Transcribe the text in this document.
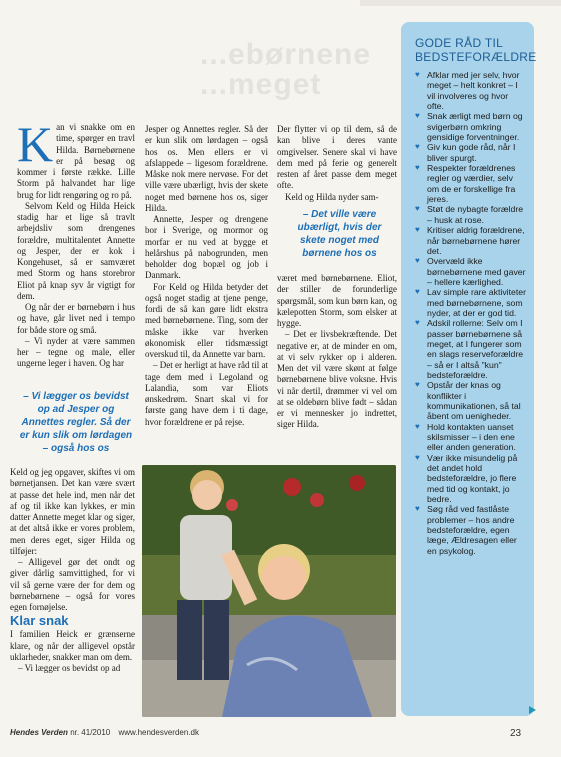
...ebørnene ...meget

Kan vi snakke om en time, spørger en travl Hilda. Børnebørnene er på besøg og kommer i første række. Lille Storm på halvandet har lige brug for lidt rengøring og ro på.

Selvom Keld og Hilda Heick stadig har et lige så travlt arbejdsliv som drengenes forældre, multitalentet Annette og Jesper, der er kok i Kongehuset, så er samværet med Storm og hans storebror Eliot på knap syv år vigtigt for dem.

Og når der er børnebørn i hus og have, går livet ned i tempo for både store og små.

– Vi nyder at være sammen her – tegne og male, eller ungerne leger i haven. Og har

– Vi lægger os bevidst op ad Jesper og Annettes regler. Så der er kun slik om lørdagen – også hos os

Keld og jeg opgaver, skiftes vi om børnetjansen. Det kan være svært at passe det hele ind, men når det af og til ikke kan lykkes, er min datter Annette meget klar og siger, at det altså ikke er vores problem, men deres eget, siger Hilda og tilføjer:

– Alligevel gør det ondt og giver dårlig samvittighed, for vi vil så gerne være der for dem og børnebørnene – også for vores egen fornøjelse.

Klar snak

I familien Heick er grænserne klare, og når der alligevel opstår uklarheder, snakker man om dem.

– Vi lægger os bevidst op ad

Jesper og Annettes regler. Så der er kun slik om lørdagen – også hos os. Men ellers er vi afslappede – ligesom forældrene. Måske nok mere nervøse. For det ville være ubærligt, hvis der skete noget med børnene hos os, siger Hilda.

Annette, Jesper og drengene bor i Sverige, og mormor og morfar er nu ved at bygge et helårshus på nabogrunden, men beholder dog bopæl og job i Danmark.

For Keld og Hilda betyder det også noget stadig at tjene penge, fordi de så kan gøre lidt ekstra med børnebørnene. Ting, som der måske ikke var hverken økonomisk eller tidsmæssigt overskud til, da Annette var barn.

– Det er herligt at have råd til at tage dem med i Legoland og Lalandia, som var Eliots ønskedrøm. Snart skal vi for første gang have dem i ti dage, hvor forældrene er på rejse.

Der flytter vi op til dem, så de kan blive i deres vante omgivelser. Senere skal vi have dem med på ferie og generelt resten af året passe dem meget ofte.

Keld og Hilda nyder sam-

– Det ville være ubærligt, hvis der skete noget med børnene hos os

været med børnebørnene. Eliot, der stiller de forunderlige spørgsmål, som kun børn kan, og kælepotten Storm, som elsker at hygge.

– Det er livsbekræftende. Det negative er, at de minder en om, at vi selv rykker op i alderen. Men det vil være skønt at følge børnebørnene blive voksne. Hvis vi når dertil, drømmer vi vel om at se oldebørn blive født – sådan er vi mennesker jo indrettet, siger Hilda.

GODE RÅD TIL
BEDSTEFORÆLDRE
♥ Afklar med jer selv, hvor meget – helt konkret – I vil involveres og hvor ofte.
♥ Snak ærligt med børn og svigerbørn omkring gensidige forventninger.
♥ Giv kun gode råd, når I bliver spurgt.
♥ Respekter forældrenes regler og værdier, selv om de er forskellige fra jeres.
♥ Støt de nybagte forældre – husk at rose.
♥ Kritiser aldrig forældrene, når børnebørnene hører det.
♥ Overvæld ikke børnebørnene med gaver – hellere kærlighed.
♥ Lav simple rare aktiviteter med børnebørnene, som nyder, at der er god tid.
♥ Adskil rollerne: Selv om I passer børnebørnene så meget, at I fungerer som en slags reserveforældre – så er I altså "kun" bedsteforældre.
♥ Opstår der knas og konflikter i kommunikationen, så tal åbent om uenigheder.
♥ Hold kontakten uanset skilsmisser – i den ene eller anden generation.
♥ Vær ikke misundelig på det andet hold bedsteforældre, jo flere med tid og kontakt, jo bedre.
♥ Søg råd ved fastlåste problemer – hos andre bedsteforældre, egen læge, Ældresagen eller en psykolog.
Hendes Verden nr. 41/2010 www.hendesverden.dk	23
